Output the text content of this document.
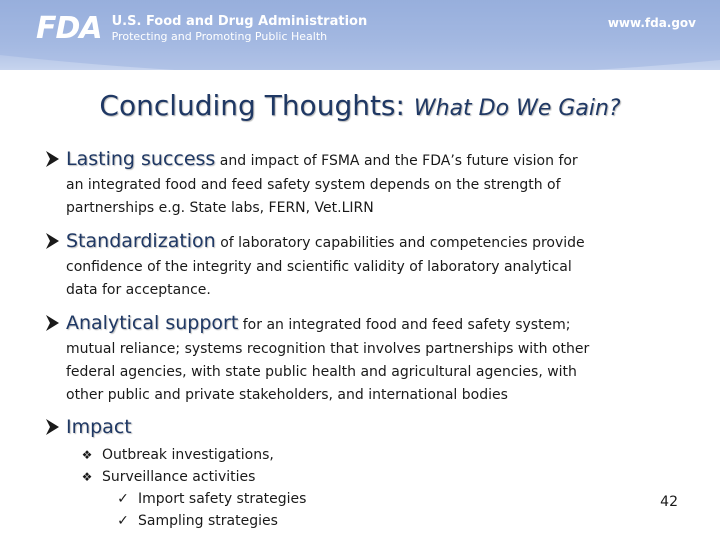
FDA U.S. Food and Drug Administration
Protecting and Promoting Public Health
www.fda.gov
Concluding Thoughts: What Do We Gain?
Lasting success and impact of FSMA and the FDA’s future vision for
an integrated food and feed safety system depends on the strength of
partnerships e.g. State labs, FERN, Vet.LIRN
Standardization of laboratory capabilities and competencies provide
confidence of the integrity and scientific validity of laboratory analytical
data for acceptance.
Analytical support for an integrated food and feed safety system;
mutual reliance; systems recognition that involves partnerships with other
federal agencies, with state public health and agricultural agencies, with
other public and private stakeholders, and international bodies
Impact
❖ Outbreak investigations,
❖ Surveillance activities
✓ Import safety strategies
✓ Sampling strategies
42
